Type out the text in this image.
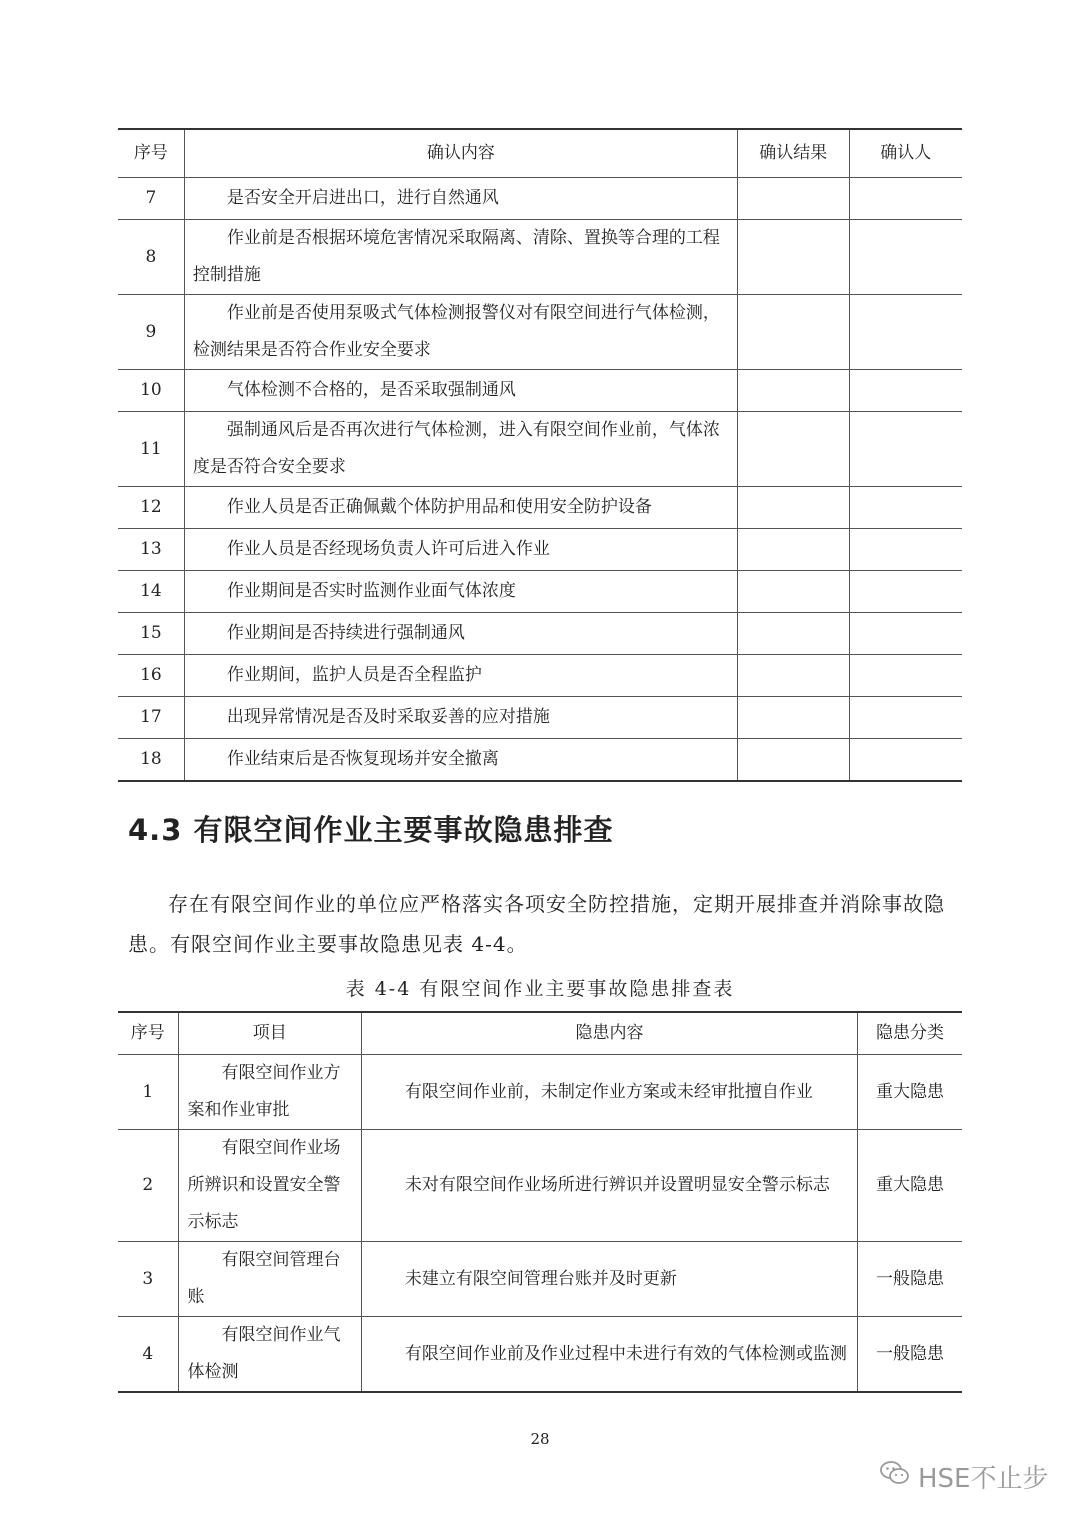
序号	确认内容	确认结果	确认人
7	是否安全开启进出口，进行自然通风		
8	作业前是否根据环境危害情况采取隔离、清除、置换等合理的工程控制措施		
9	作业前是否使用泵吸式气体检测报警仪对有限空间进行气体检测，检测结果是否符合作业安全要求		
10	气体检测不合格的，是否采取强制通风		
11	强制通风后是否再次进行气体检测，进入有限空间作业前，气体浓度是否符合安全要求		
12	作业人员是否正确佩戴个体防护用品和使用安全防护设备		
13	作业人员是否经现场负责人许可后进入作业		
14	作业期间是否实时监测作业面气体浓度		
15	作业期间是否持续进行强制通风		
16	作业期间，监护人员是否全程监护		
17	出现异常情况是否及时采取妥善的应对措施		
18	作业结束后是否恢复现场并安全撤离		
4.3 有限空间作业主要事故隐患排查
存在有限空间作业的单位应严格落实各项安全防控措施，定期开展排查并消除事故隐患。有限空间作业主要事故隐患见表 4-4。
表 4-4 有限空间作业主要事故隐患排查表
序号	项目	隐患内容	隐患分类
1	有限空间作业方案和作业审批	有限空间作业前，未制定作业方案或未经审批擅自作业	重大隐患
2	有限空间作业场所辨识和设置安全警示标志	未对有限空间作业场所进行辨识并设置明显安全警示标志	重大隐患
3	有限空间管理台账	未建立有限空间管理台账并及时更新	一般隐患
4	有限空间作业气体检测	有限空间作业前及作业过程中未进行有效的气体检测或监测	一般隐患
28
HSE不止步
